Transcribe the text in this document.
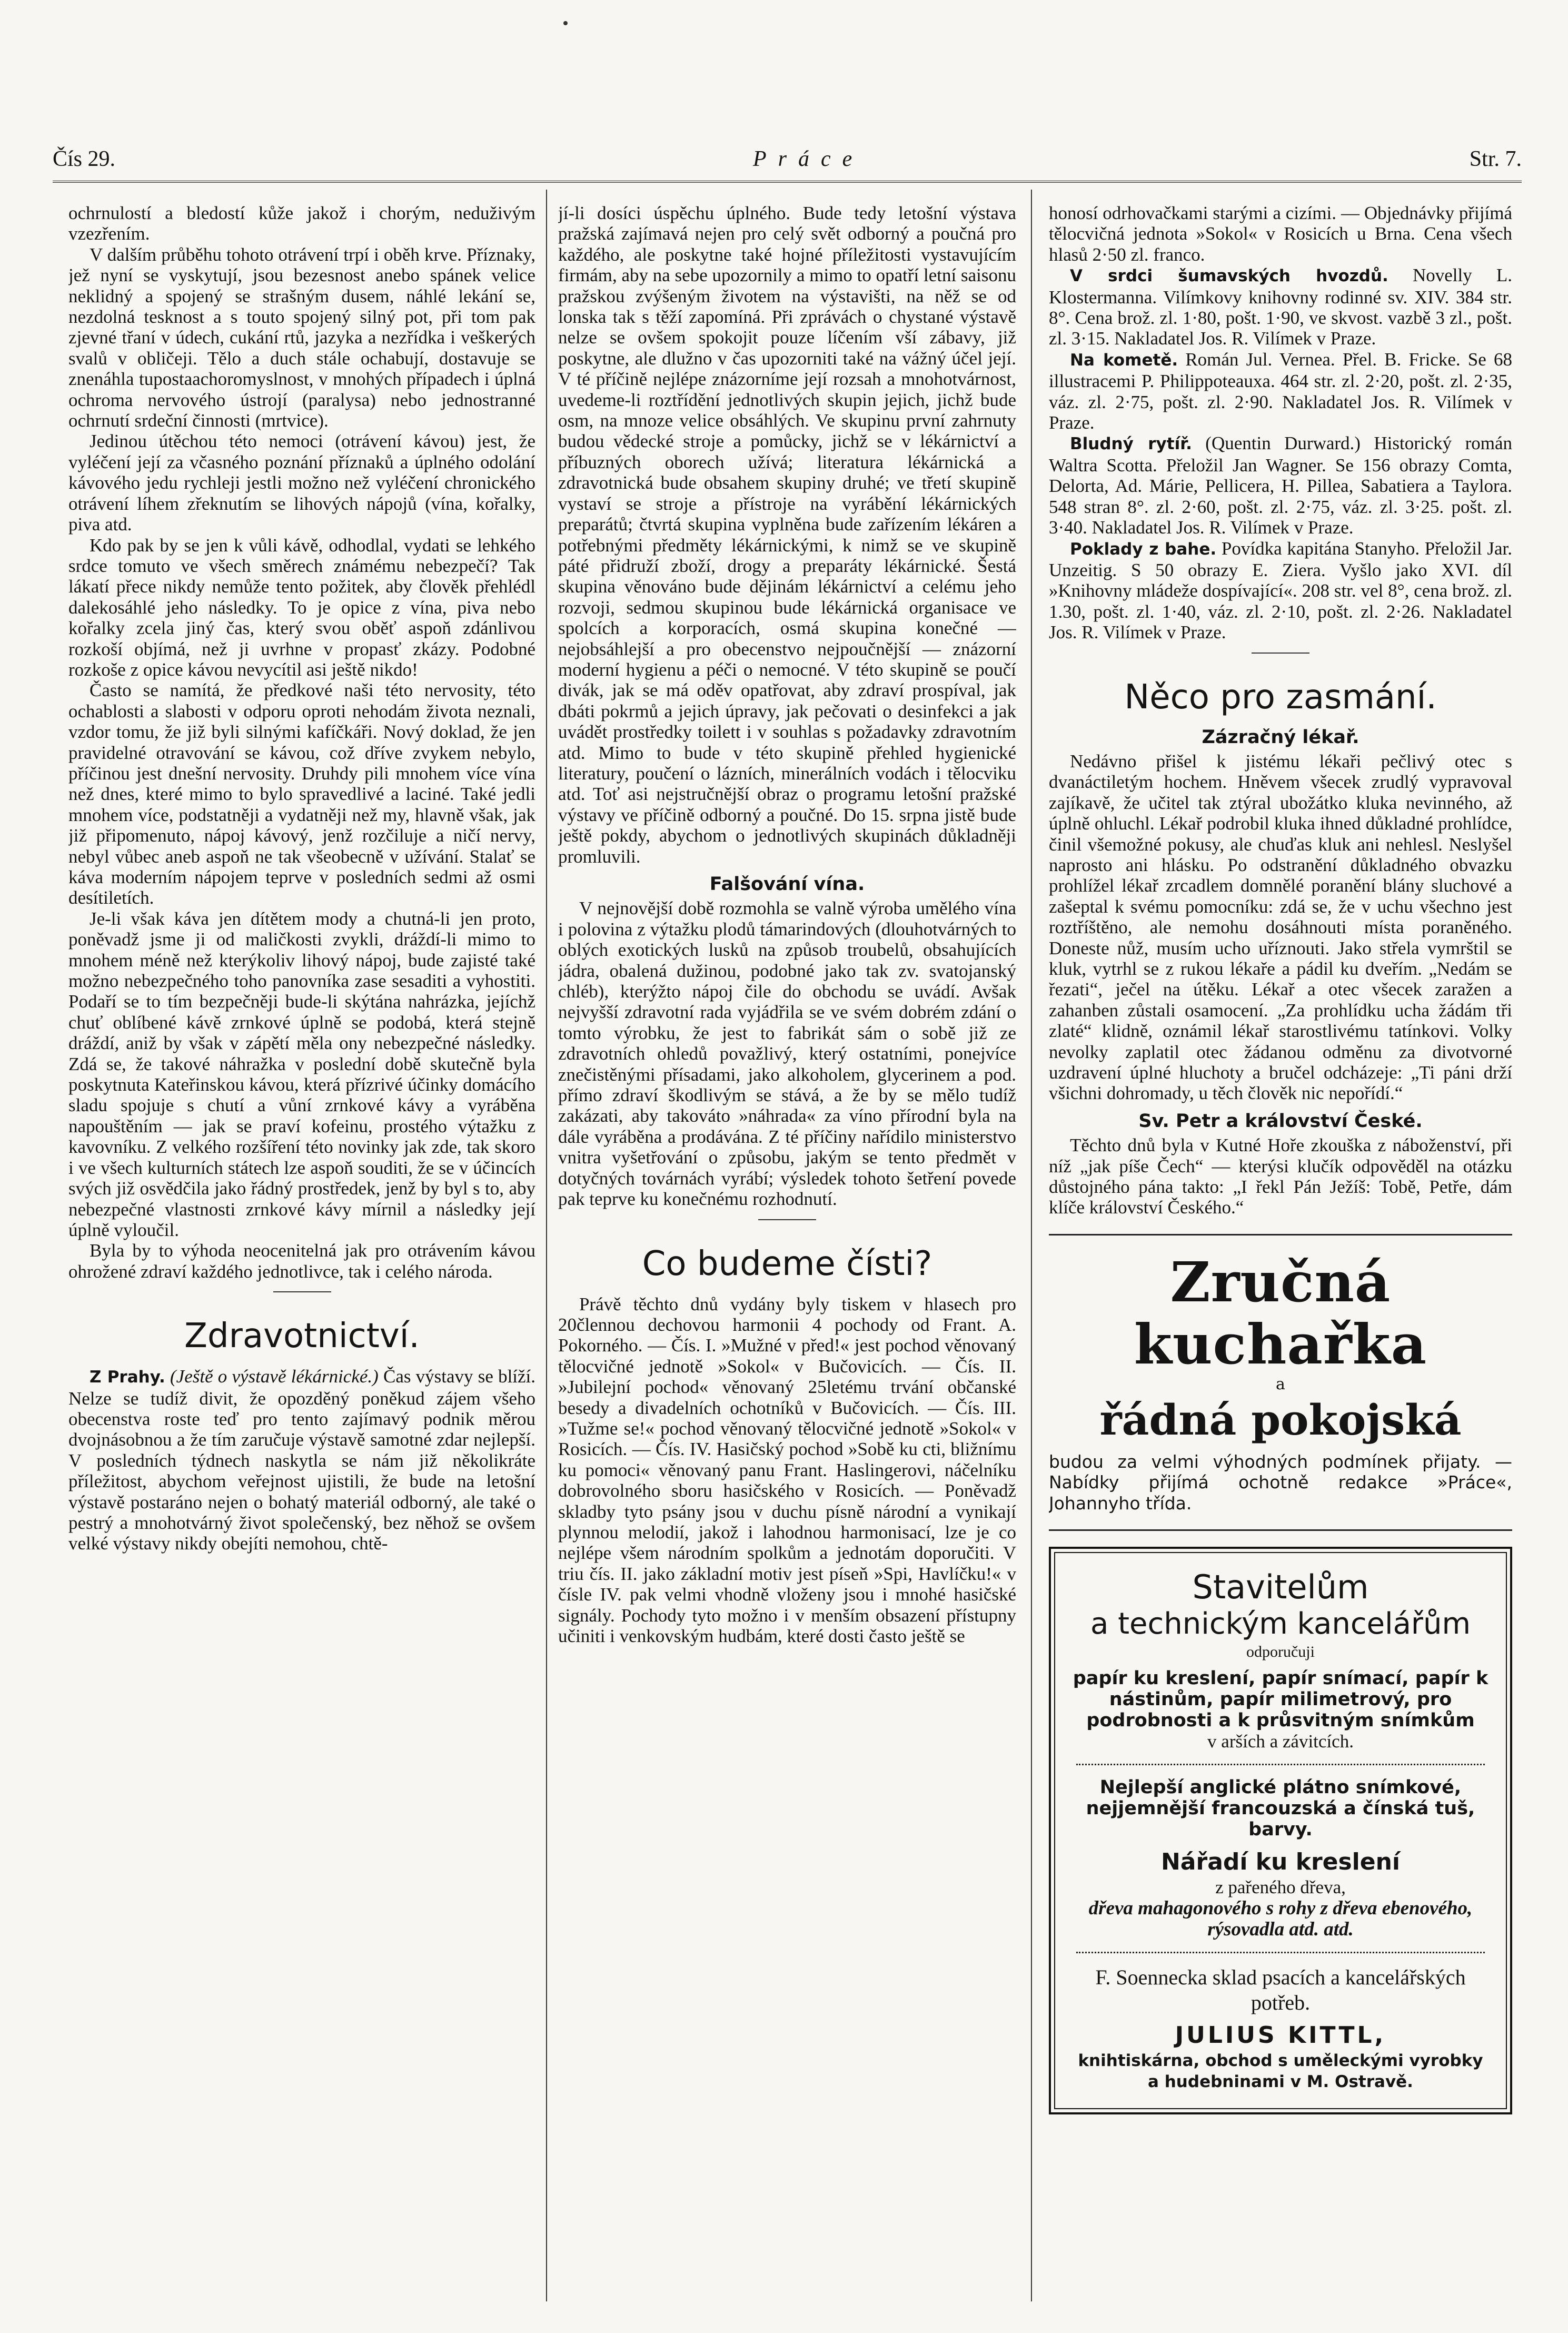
Čís 29.	Práce	Str. 7.

ochrnulostí a bledostí kůže jakož i chorým, neduživým vzezřením.

V dalším průběhu tohoto otrávení trpí i oběh krve. Příznaky, jež nyní se vyskytují, jsou bezesnost anebo spánek velice neklidný a spojený se strašným dusem, náhlé lekání se, nezdolná tesknost a s touto spojený silný pot, při tom pak zjevné třaní v údech, cukání rtů, jazyka a nezřídka i veškerých svalů v obličeji. Tělo a duch stále ochabují, dostavuje se znenáhla tupostaachoromyslnost, v mnohých případech i úplná ochromа nervového ústrojí (paralysa) nebo jednostranné ochrnutí srdeční činnosti (mrtvice).

Jedinou útěchou této nemoci (otrávení kávou) jest, že vyléčení její za včasného poznání příznaků a úplného odolání kávového jedu rychleji jestli možno než vyléčení chronického otrávení líhem zřeknutím se lihových nápojů (vína, kořalky, piva atd.

Kdo pak by se jen k vůli kávě, odhodlal, vydati se lehkého srdce tomuto ve všech směrech známému nebezpečí? Tak lákatí přece nikdy nemůže tento požitek, aby člověk přehlédl dalekosáhlé jeho následky. To je opice z vína, piva nebo kořalky zcela jiný čas, který svou oběť aspoň zdánlivou rozkoší objímá, než ji uvrhne v propasť zkázy. Podobné rozkoše z opice kávou nevycítil asi ještě nikdo!

Často se namítá, že předkové naši této nervosity, této ochablosti a slabosti v odporu oproti nehodám života neznali, vzdor tomu, že již byli silnými kafíčkáři. Nový doklad, že jen pravidelné otravování se kávou, což dříve zvykem nebylo, příčinou jest dnešní nervosity. Druhdy pili mnohem více vína než dnes, které mimo to bylo spravedlivé a laciné. Také jedli mnohem více, podstatněji a vydatněji než my, hlavně však, jak již připomenuto, nápoj kávový, jenž rozčiluje a ničí nervy, nebyl vůbec aneb aspoň ne tak všeobecně v užívání. Stalať se káva moderním nápojem teprve v posledních sedmi až osmi desítiletích.

Je-li však káva jen dítětem mody a chutná-li jen proto, poněvadž jsme ji od maličkosti zvykli, dráždí-li mimo to mnohem méně než kterýkoliv lihový nápoj, bude zajisté také možno nebezpečného toho panovníka zase sesaditi a vyhostiti. Podaří se to tím bezpečněji bude-li skýtána nahrázka, jejíchž chuť oblíbené kávě zrnkové úplně se podobá, která stejně dráždí, aniž by však v zápětí měla ony nebezpečné následky. Zdá se, že takové náhražka v poslední době skutečně byla poskytnuta Kateřinskou kávou, která přízrivé účinky domácího sladu spojuje s chutí a vůní zrnkové kávy a vyráběna napouštěním — jak se praví kofeinu, prostého výtažku z kavovníku. Z velkého rozšíření této novinky jak zde, tak skoro i ve všech kulturních státech lze aspoň souditi, že se v účincích svých již osvědčila jako řádný prostředek, jenž by byl s to, aby nebezpečné vlastnosti zrnkové kávy mírnil a následky její úplně vyloučil.

Byla by to výhoda neocenitelná jak pro otrávením kávou ohrožené zdraví každého jednotlivce, tak i celého národa.

Zdravotnictví.

Z Prahy. (Ještě o výstavě lékárnické.) Čas výstavy se blíží. Nelze se tudíž divit, že opozděný poněkud zájem všeho obecenstva roste teď pro tento zajímavý podnik měrou dvojnásobnou a že tím zaručuje výstavě samotné zdar nejlepší. V posledních týdnech naskytla se nám již několikráte příležitost, abychom veřejnost ujistili, že bude na letošní výstavě postaráno nejen o bohatý materiál odborný, ale také o pestrý a mnohotvárný život společenský, bez něhož se ovšem velké výstavy nikdy obejíti nemohou, chtě-

jí-li dosíci úspěchu úplného. Bude tedy letošní výstava pražská zajímavá nejen pro celý svět odborný a poučná pro každého, ale poskytne také hojné příležitosti vystavujícím firmám, aby na sebe upozornily a mimo to opatří letní saisonu pražskou zvýšeným životem na výstavišti, na něž se od lonska tak s těží zapomíná. Při zprávách o chystané výstavě nelze se ovšem spokojit pouze líčením vší zábavy, již poskytne, ale dlužno v čas upozorniti také na vážný účel její. V té příčině nejlépe znázorníme její rozsah a mnohotvárnost, uvedeme-li roztřídění jednotlivých skupin jejich, jichž bude osm, na mnoze velice obsáhlých. Ve skupinu první zahrnuty budou vědecké stroje a pomůcky, jichž se v lékárnictví a příbuzných oborech užívá; literatura lékárnická a zdravotnická bude obsahem skupiny druhé; ve třetí skupině vystaví se stroje a přístroje na vyrábění lékárnických preparátů; čtvrtá skupina vyplněna bude zařízením lékáren a potřebnými předměty lékárnickými, k nimž se ve skupině páté přidruží zboží, drogy a preparáty lékárnické. Šestá skupina věnováno bude dějinám lékárnictví a celému jeho rozvoji, sedmou skupinou bude lékárnická organisace ve spolcích a korporacích, osmá skupina konečné — nejobsáhlejší a pro obecenstvo nejpoučnější — znázorní moderní hygienu a péči o nemocné. V této skupině se poučí divák, jak se má oděv opatřovat, aby zdraví prospíval, jak dbáti pokrmů a jejich úpravy, jak pečovati o desinfekci a jak uvádět prostředky toilett i v souhlas s požadavky zdravotním atd. Mimo to bude v této skupině přehled hygienické literatury, poučení o lázních, minerálních vodách i tělocviku atd. Toť asi nejstručnější obraz o programu letošní pražské výstavy ve příčině odborný a poučné. Do 15. srpna jistě bude ještě pokdy, abychom o jednotlivých skupinách důkladněji promluvili.

Falšování vína.

V nejnovější době rozmohla se valně výroba umělého vína i polovina z výtažku plodů támarindových (dlouhotvárných to oblých exotických lusků na způsob troubelů, obsahujících jádra, obalená dužinou, podobné jako tak zv. svatojanský chléb), kterýžto nápoj čile do obchodu se uvádí. Avšak nejvyšší zdravotní rada vyjádřila se ve svém dobrém zdání o tomto výrobku, že jest to fabrikát sám o sobě již ze zdravotních ohledů považlivý, který ostatními, ponejvíce znečistěnými přísadami, jako alkoholem, glycerinem a pod. přímo zdraví škodlivým se stává, a že by se mělo tudíž zakázati, aby takováto »náhrada« za víno přírodní byla na dále vyráběna a prodávána. Z té příčiny nařídilo ministerstvo vnitra vyšetřování o způsobu, jakým se tento předmět v dotyčných továrnách vyrábí; výsledek tohoto šetření povede pak teprve ku konečnému rozhodnutí.

Co budeme čísti?

Právě těchto dnů vydány byly tiskem v hlasech pro 20člennou dechovou harmonii 4 pochody od Frant. A. Pokorného. — Čís. I. »Mužné v před!« jest pochod věnovaný tělocvičné jednotě »Sokol« v Bučovicích. — Čís. II. »Jubilejní pochod« věnovaný 25letému trvání občanské besedy a divadelních ochotníků v Bučovicích. — Čís. III. »Tužme se!« pochod věnovaný tělocvičné jednotě »Sokol« v Rosicích. — Čís. IV. Hasičský pochod »Sobě ku cti, bližnímu ku pomoci« věnovaný panu Frant. Haslingerovi, náčelníku dobrovolného sboru hasičského v Rosicích. — Poněvadž skladby tyto psány jsou v duchu písně národní a vynikají plynnou melodií, jakož i lahodnou harmonisací, lze je co nejlépe všem národním spolkům a jednotám doporučiti. V triu čís. II. jako základní motiv jest píseň »Spi, Havlíčku!« v čísle IV. pak velmi vhodně vloženy jsou i mnohé hasičské signály. Pochody tyto možno i v menším obsazení přístupny učiniti i venkovským hudbám, které dosti často ještě se

honosí odrhovačkami starými a cizími. — Objednávky přijímá tělocvičná jednota »Sokol« v Rosicích u Brna. Cena všech hlasů 2·50 zl. franco.

V srdci šumavských hvozdů. Novelly L. Klostermanna. Vilímkovy knihovny rodinné sv. XIV. 384 str. 8°. Cena brož. zl. 1·80, pošt. 1·90, ve skvost. vazbě 3 zl., pošt. zl. 3·15. Nakladatel Jos. R. Vilímek v Praze.

Na kometě. Román Jul. Vernea. Přel. B. Fricke. Se 68 illustracemi P. Philippoteauxa. 464 str. zl. 2·20, pošt. zl. 2·35, váz. zl. 2·75, pošt. zl. 2·90. Nakladatel Jos. R. Vilímek v Praze.

Bludný rytíř. (Quentin Durward.) Historický román Waltra Scotta. Přeložil Jan Wagner. Se 156 obrazy Comta, Delorta, Ad. Márie, Pellicera, H. Pillea, Sabatiera a Taylora. 548 stran 8°. zl. 2·60, pošt. zl. 2·75, váz. zl. 3·25. pošt. zl. 3·40. Nakladatel Jos. R. Vilímek v Praze.

Poklady z bahe. Povídka kapitána Stanyho. Přeložil Jar. Unzeitig. S 50 obrazy E. Ziera. Vyšlo jako XVI. díl »Knihovny mládeže dospívající«. 208 str. vel 8°, cena brož. zl. 1.30, pošt. zl. 1·40, váz. zl. 2·10, pošt. zl. 2·26. Nakladatel Jos. R. Vilímek v Praze.

Něco pro zasmání.
Zázračný lékař.

Nedávno přišel k jistému lékaři pečlivý otec s dvanáctiletým hochem. Hněvem všecek zrudlý vypravoval zajíkavě, že učitel tak ztýral ubožátko kluka nevinného, až úplně ohluchl. Lékař podrobil kluka ihned důkladné prohlídce, činil všemožné pokusy, ale chuďas kluk ani nehlesl. Neslyšel naprosto ani hlásku. Po odstranění důkladného obvazku prohlížel lékař zrcadlem domnělé poranění blány sluchové a zašeptal k svému pomocníku: zdá se, že v uchu všechno jest roztříštěno, ale nemohu dosáhnouti místa poraněného. Doneste nůž, musím ucho uříznouti. Jako střela vymrštil se kluk, vytrhl se z rukou lékaře a pádil ku dveřím. „Nedám se řezati“, ječel na útěku. Lékař a otec všecek zaražen a zahanben zůstali osamocení. „Za prohlídku ucha žádám tři zlaté“ klidně, oznámil lékař starostlivému tatínkovi. Volky nevolky zaplatil otec žádanou odměnu za divotvorné uzdravení úplné hluchoty a bručel odcházeje: „Ti páni drží všichni dohromady, u těch člověk nic nepořídí.“

Sv. Petr a království České.

Těchto dnů byla v Kutné Hoře zkouška z náboženství, při níž „jak píše Čech“ — kterýsi klučík odpověděl na otázku důstojného pána takto: „I řekl Pán Ježíš: Tobě, Petře, dám klíče království Českého.“

Zručná kuchařka
a
řádná pokojská

budou za velmi výhodných podmínek přijaty. — Nabídky přijímá ochotně redakce »Práce«, Johannyho třída.

Stavitelům
a technickým kancelářům
odporučuji
papír ku kreslení, papír snímací, papír k nástinům, papír milimetrový, pro podrobnosti a k průsvitným snímkům
v arších a závitcích.
Nejlepší anglické plátno snímkové, nejjemnější francouzská a čínská tuš, barvy.
Nářadí ku kreslení
z pařeného dřeva,
dřeva mahagonového s rohy z dřeva ebenového, rýsovadla atd. atd.
F. Soennecka sklad psacích a kancelářských potřeb.
JULIUS KITTL,
knihtiskárna, obchod s uměleckými vyrobky a hudebninami v M. Ostravě.
